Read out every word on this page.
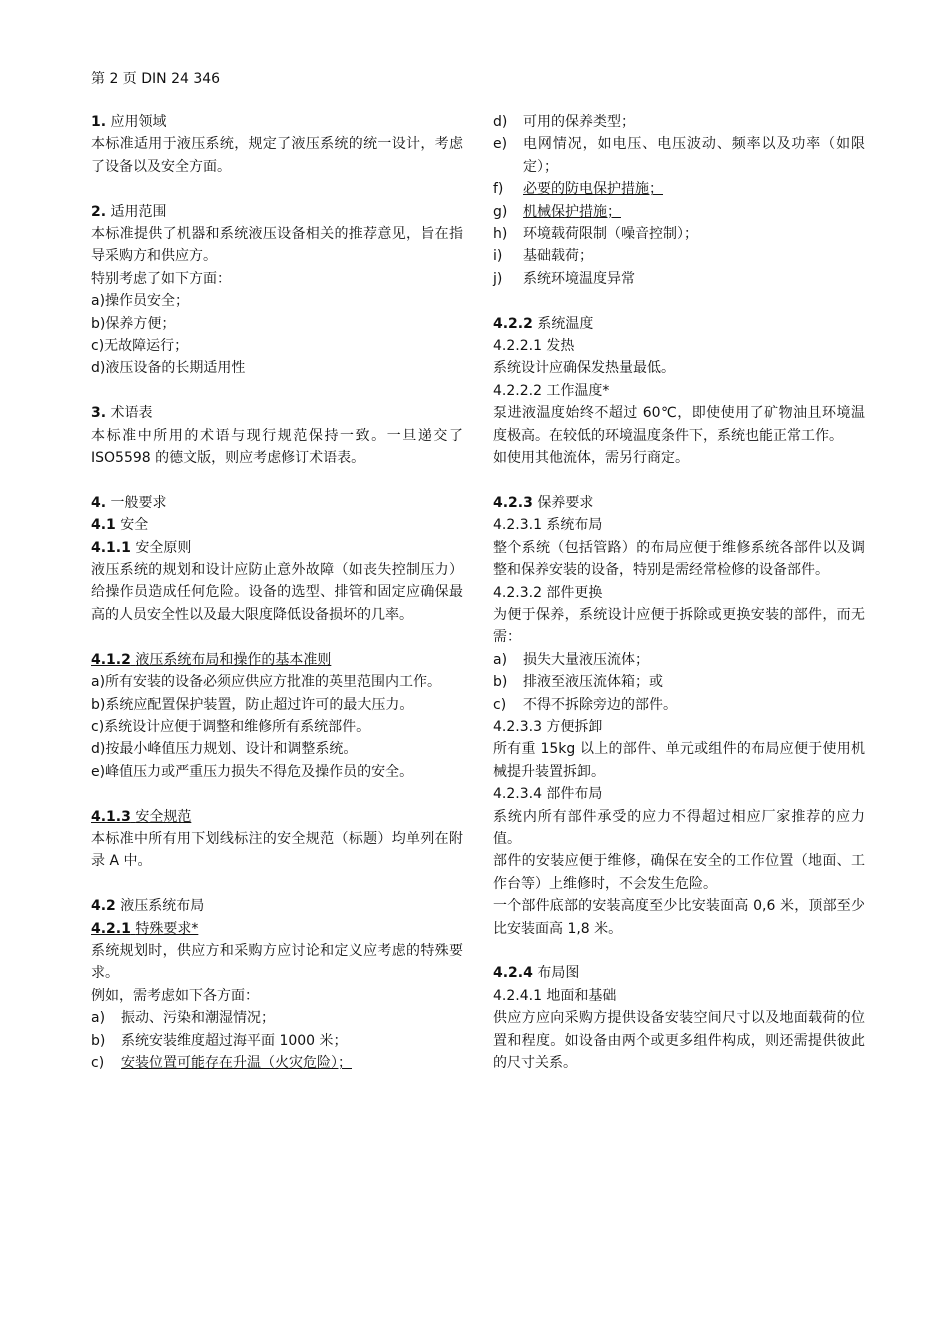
第 2 页 DIN 24 346
1. 应用领域
本标准适用于液压系统，规定了液压系统的统一设计，考虑了设备以及安全方面。
2. 适用范围
本标准提供了机器和系统液压设备相关的推荐意见，旨在指导采购方和供应方。
特别考虑了如下方面：
a)操作员安全；
b)保养方便；
c)无故障运行；
d)液压设备的长期适用性
3. 术语表
本标准中所用的术语与现行规范保持一致。一旦递交了 ISO5598 的德文版，则应考虑修订术语表。
4. 一般要求
4.1 安全
4.1.1 安全原则
液压系统的规划和设计应防止意外故障（如丧失控制压力）给操作员造成任何危险。设备的选型、排管和固定应确保最高的人员安全性以及最大限度降低设备损坏的几率。
4.1.2 液压系统布局和操作的基本准则
a)所有安装的设备必须应供应方批准的英里范围内工作。
b)系统应配置保护装置，防止超过许可的最大压力。
c)系统设计应便于调整和维修所有系统部件。
d)按最小峰值压力规划、设计和调整系统。
e)峰值压力或严重压力损失不得危及操作员的安全。
4.1.3 安全规范
本标准中所有用下划线标注的安全规范（标题）均单列在附录 A 中。
4.2 液压系统布局
4.2.1 特殊要求*
系统规划时，供应方和采购方应讨论和定义应考虑的特殊要求。
例如，需考虑如下各方面：
a)	振动、污染和潮湿情况；
b)	系统安装维度超过海平面 1000 米；
c)	安装位置可能存在升温（火灾危险）；
d)	可用的保养类型；
e)	电网情况，如电压、电压波动、频率以及功率（如限定）；
f)	必要的防电保护措施；
g)	机械保护措施；
h)	环境载荷限制（噪音控制）；
i)	基础载荷；
j)	系统环境温度异常
4.2.2 系统温度
4.2.2.1 发热
系统设计应确保发热量最低。
4.2.2.2 工作温度*
泵进液温度始终不超过 60℃，即使使用了矿物油且环境温度极高。在较低的环境温度条件下，系统也能正常工作。
如使用其他流体，需另行商定。
4.2.3 保养要求
4.2.3.1 系统布局
整个系统（包括管路）的布局应便于维修系统各部件以及调整和保养安装的设备，特别是需经常检修的设备部件。
4.2.3.2 部件更换
为便于保养，系统设计应便于拆除或更换安装的部件，而无需：
a)	损失大量液压流体；
b)	排液至液压流体箱；或
c)	不得不拆除旁边的部件。
4.2.3.3 方便拆卸
所有重 15kg 以上的部件、单元或组件的布局应便于使用机械提升装置拆卸。
4.2.3.4 部件布局
系统内所有部件承受的应力不得超过相应厂家推荐的应力值。
部件的安装应便于维修，确保在安全的工作位置（地面、工作台等）上维修时，不会发生危险。
一个部件底部的安装高度至少比安装面高 0,6 米，顶部至少比安装面高 1,8 米。
4.2.4 布局图
4.2.4.1 地面和基础
供应方应向采购方提供设备安装空间尺寸以及地面载荷的位置和程度。如设备由两个或更多组件构成，则还需提供彼此的尺寸关系。
